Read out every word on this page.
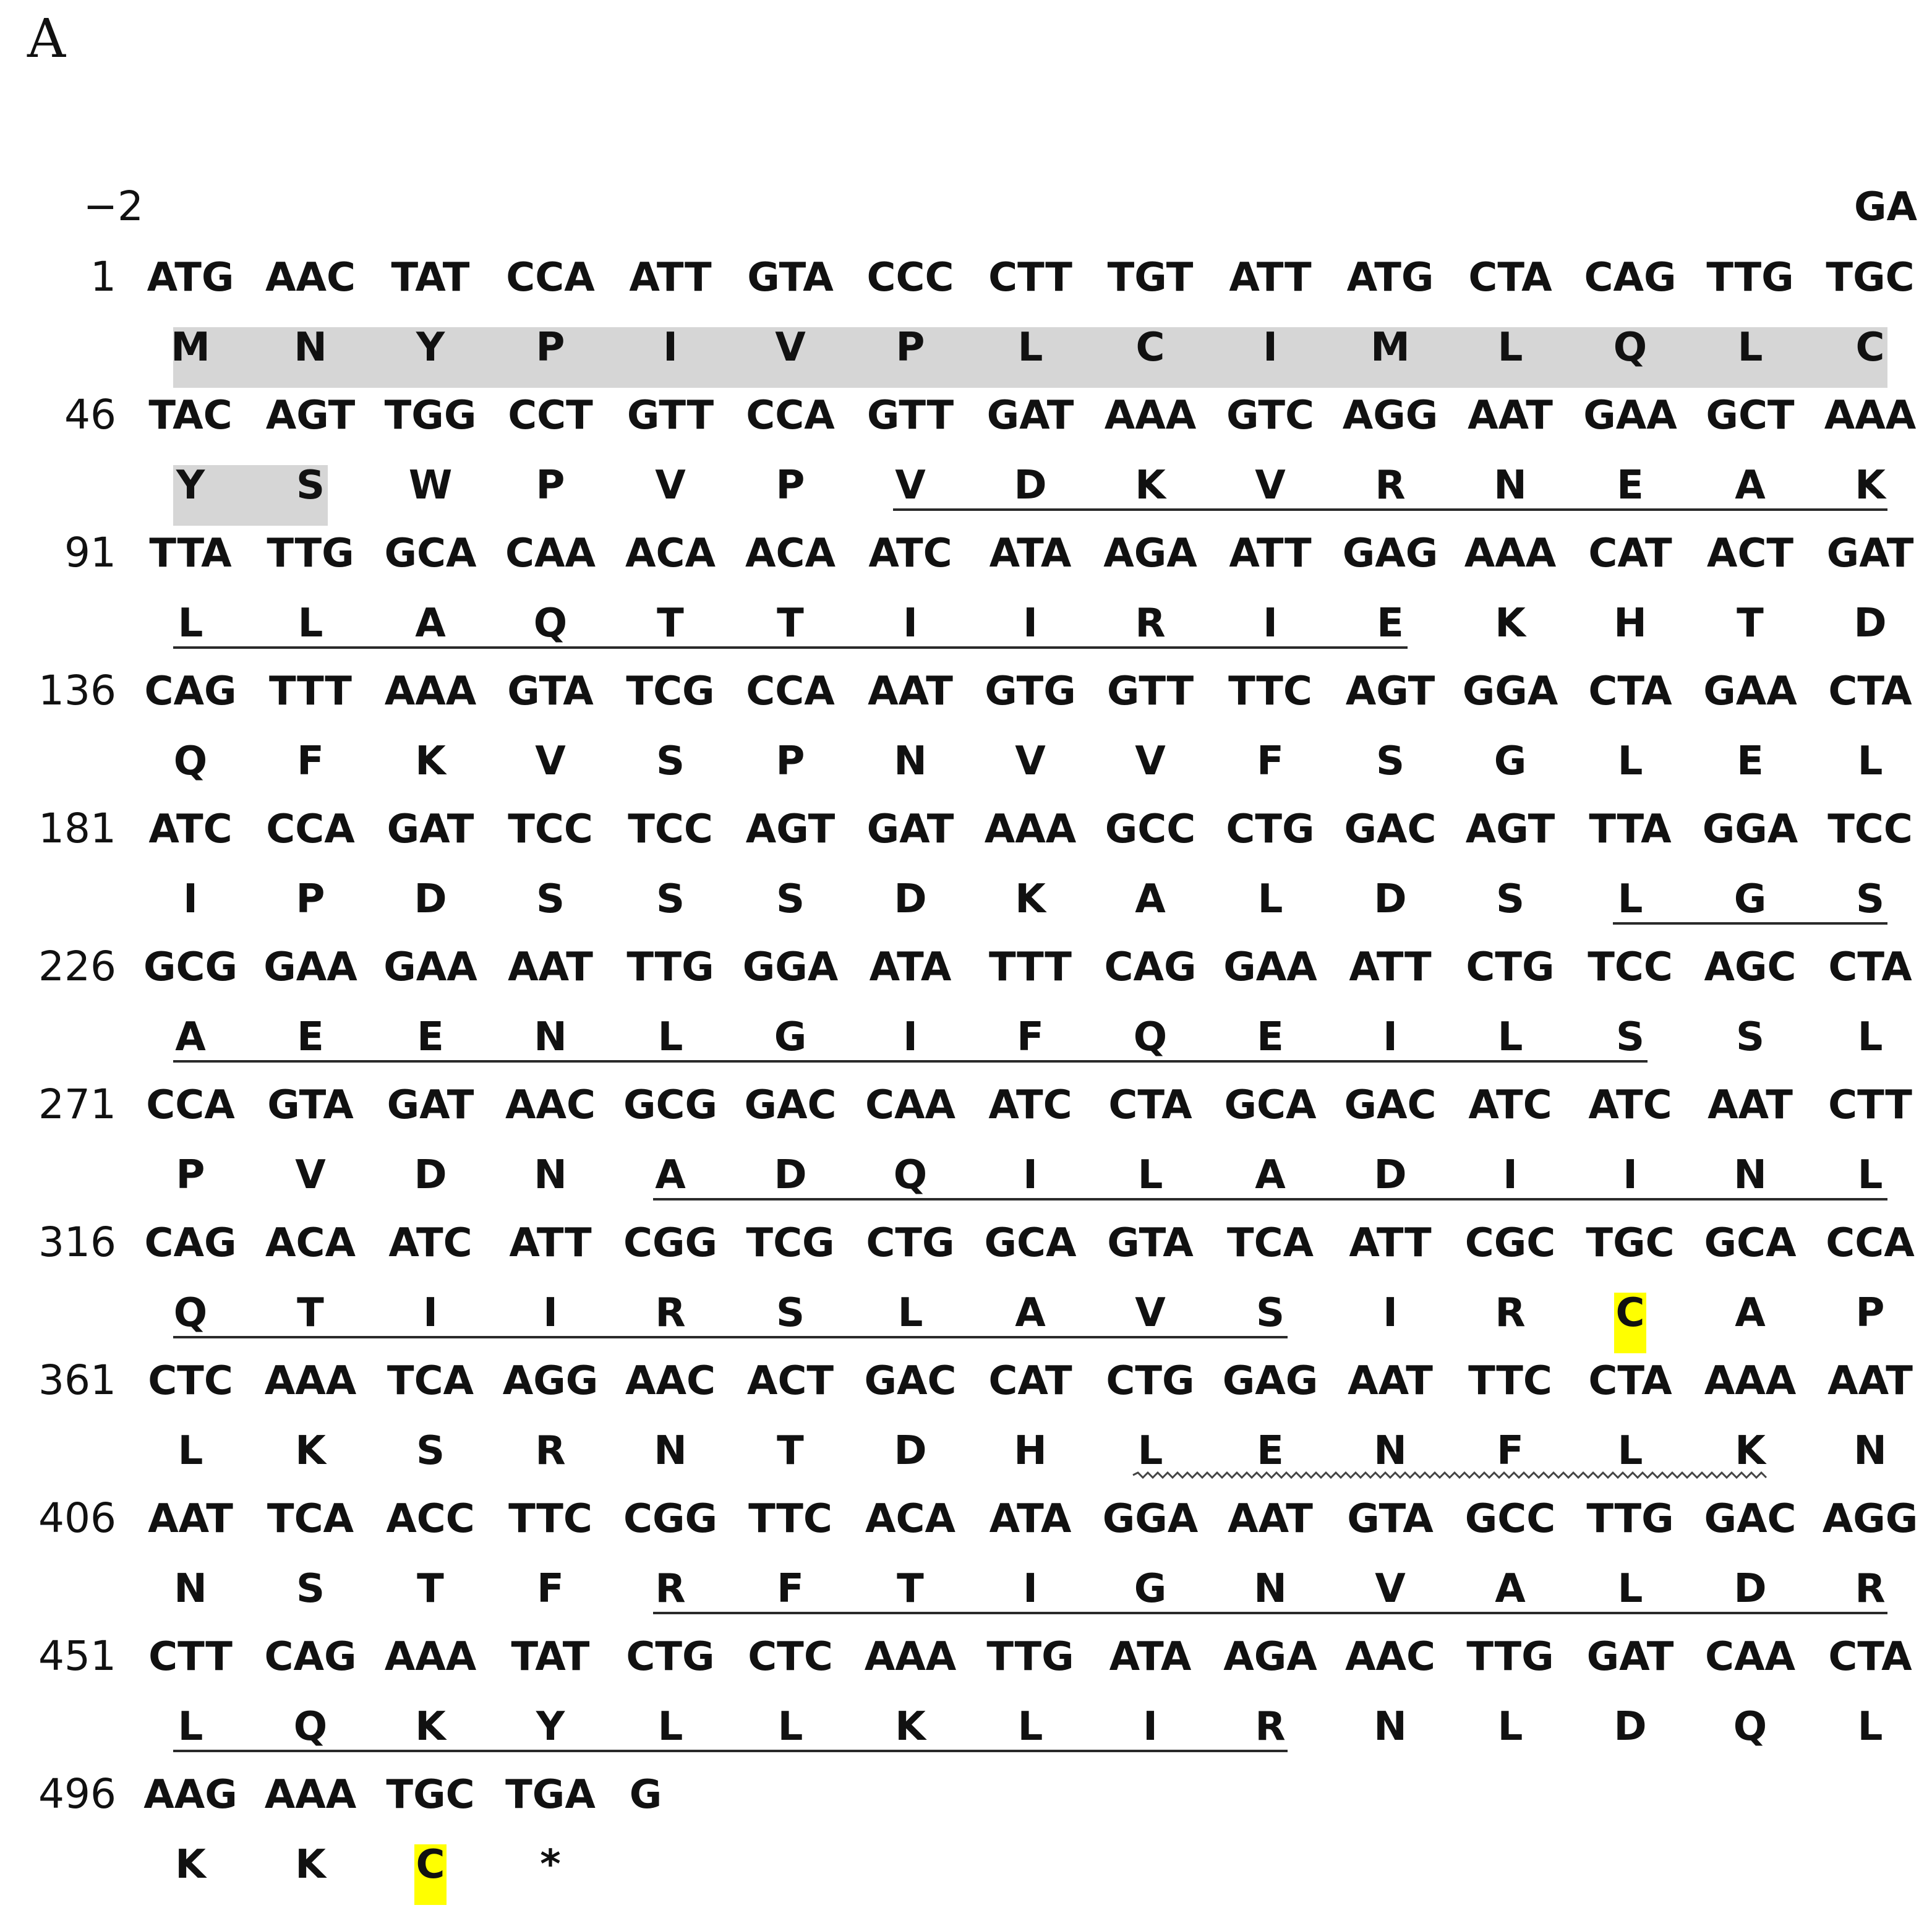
A
−2	GA
1 ATG AAC TAT CCA ATT GTA CCC CTT TGT ATT ATG CTA CAG TTG TGC
M N Y P I V P L C I M L Q L C
46 TAC AGT TGG CCT GTT CCA GTT GAT AAA GTC AGG AAT GAA GCT AAA
Y S W P V P V D K V R N E A K
91 TTA TTG GCA CAA ACA ACA ATC ATA AGA ATT GAG AAA CAT ACT GAT
L L A Q T T	I	I R I	E K H T D
136 CAG TTT AAA GTA TCG CCA AAT GTG GTT TTC AGT GGA CTA GAA CTA
Q F K V S P N V V F S G L E L
181 ATC CCA GAT TCC TCC AGT GAT AAA GCC CTG GAC AGT TTA GGA TCC
I P D S S S D K A L D S L G S
226 GCG GAA GAA AAT TTG GGA ATA TTT CAG GAA ATT CTG TCC AGC CTA
A E E N L G I	F Q E	I	L S S L
271 CCA GTA GAT AAC GCG GAC CAA ATC CTA GCA GAC ATC ATC AAT CTT
P V D N A D Q I	L A D I	I N L
316 CAG ACA ATC ATT CGG TCG CTG GCA GTA TCA ATT CGC TGC GCA CCA
Q T	I	I R S L A V S I R C A P
361 CTC AAA TCA AGG AAC ACT GAC CAT CTG GAG AAT TTC CTA AAA AAT
L K S R N T D H L E N F L K N
406 AAT TCA ACC TTC CGG TTC ACA ATA GGA AAT GTA GCC TTG GAC AGG
N S T F R F T	I G N V A L D R
451 CTT CAG AAA TAT CTG CTC AAA TTG ATA AGA AAC TTG GAT CAA CTA
L Q K Y L L K L	I R N L D Q L
496 AAG AAA TGC TGA G
K K C *
